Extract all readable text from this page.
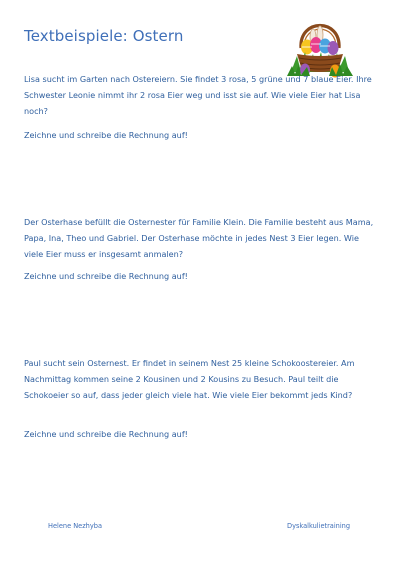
Textbeispiele: Ostern

Lisa sucht im Garten nach Ostereiern. Sie findet 3 rosa, 5 grüne und 7 blaue Eier. Ihre Schwester Leonie nimmt ihr 2 rosa Eier weg und isst sie auf. Wie viele Eier hat Lisa noch?

Zeichne und schreibe die Rechnung auf!

Der Osterhase befüllt die Osternester für Familie Klein. Die Familie besteht aus Mama, Papa, Ina, Theo und Gabriel. Der Osterhase möchte in jedes Nest 3 Eier legen. Wie viele Eier muss er insgesamt anmalen?

Zeichne und schreibe die Rechnung auf!

Paul sucht sein Osternest. Er findet in seinem Nest 25 kleine Schokoostereier. Am Nachmittag kommen seine 2 Kousinen und 2 Kousins zu Besuch. Paul teilt die Schokoeier so auf, dass jeder gleich viele hat. Wie viele Eier bekommt jeds Kind?

Zeichne und schreibe die Rechnung auf!

Helene Nezhyba	Dyskalkulietraining
